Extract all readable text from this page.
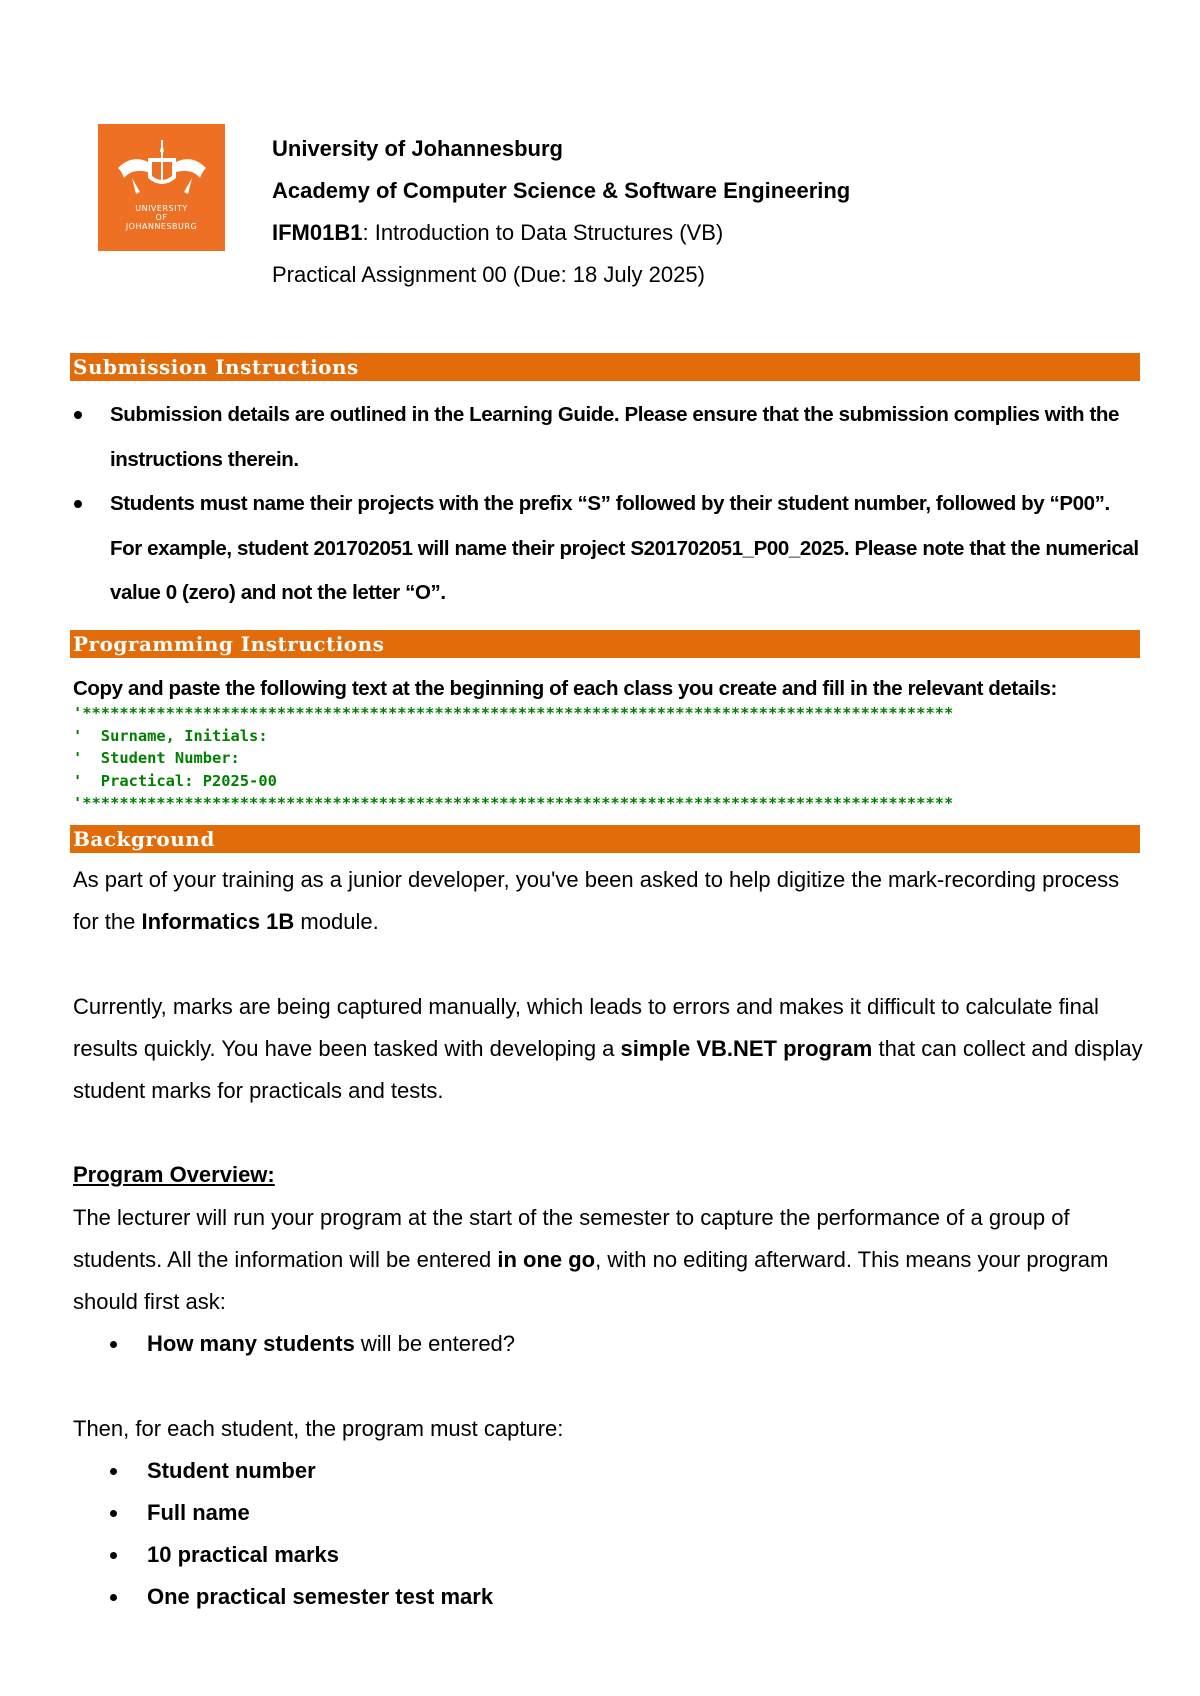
UNIVERSITY
OF
JOHANNESBURG
University of Johannesburg
Academy of Computer Science & Software Engineering
IFM01B1: Introduction to Data Structures (VB)
Practical Assignment 00 (Due: 18 July 2025)
Submission Instructions
Submission details are outlined in the Learning Guide. Please ensure that the submission complies with the instructions therein.
Students must name their projects with the prefix “S” followed by their student number, followed by “P00”. For example, student 201702051 will name their project S201702051_P00_2025. Please note that the numerical value 0 (zero) and not the letter “O”.
Programming Instructions
Copy and paste the following text at the beginning of each class you create and fill in the relevant details:
'**********************************************************************************************
'  Surname, Initials:
'  Student Number:
'  Practical: P2025-00
'**********************************************************************************************
Background

As part of your training as a junior developer, you've been asked to help digitize the mark-recording process for the Informatics 1B module.

Currently, marks are being captured manually, which leads to errors and makes it difficult to calculate final results quickly. You have been tasked with developing a simple VB.NET program that can collect and display student marks for practicals and tests.

Program Overview:

The lecturer will run your program at the start of the semester to capture the performance of a group of students. All the information will be entered in one go, with no editing afterward. This means your program should first ask:

How many students will be entered?

Then, for each student, the program must capture:

Student number
Full name
10 practical marks
One practical semester test mark
